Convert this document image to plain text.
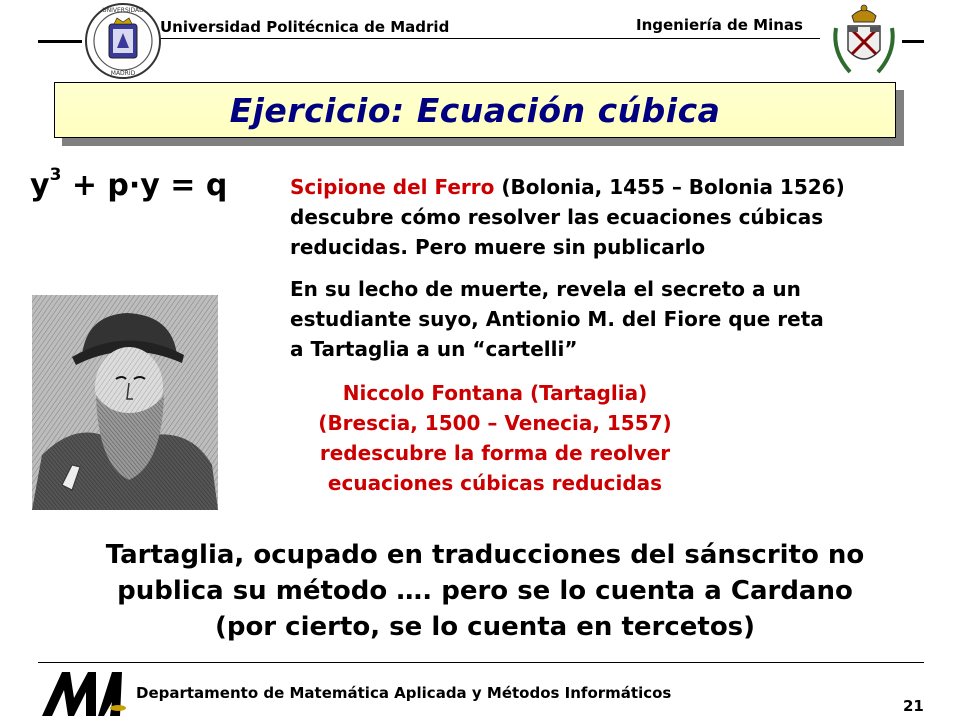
Universidad Politécnica de Madrid	Ingeniería de Minas
UNIVERSIDAD
MADRID
Ejercicio: Ecuación cúbica
$y^3 + p\cdot y = q$	Scipione del Ferro (Bolonia, 1455 – Bolonia 1526)
descubre cómo resolver las ecuaciones cúbicas
reducidas. Pero muere sin publicarlo
En su lecho de muerte, revela el secreto a un
estudiante suyo, Antionio M. del Fiore que reta
a Tartaglia a un “cartelli”
Niccolo Fontana (Tartaglia)
(Brescia, 1500 – Venecia, 1557)
redescubre la forma de reolver
ecuaciones cúbicas reducidas
Tartaglia, ocupado en traducciones del sánscrito no
publica su método …. pero se lo cuenta a Cardano
(por cierto, se lo cuenta en tercetos)
Departamento de Matemática Aplicada y Métodos Informáticos
21
